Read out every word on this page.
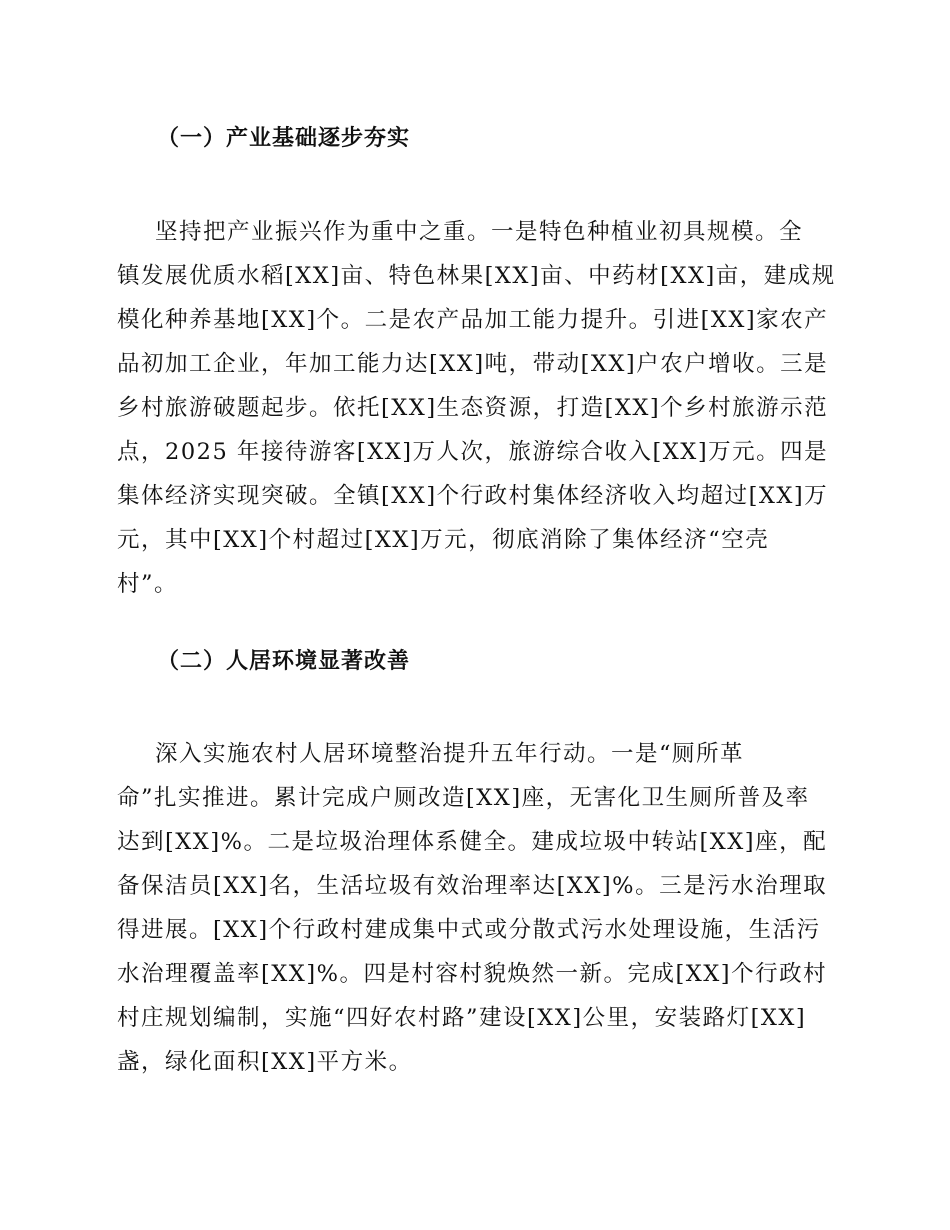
（一）产业基础逐步夯实
坚持把产业振兴作为重中之重。一是特色种植业初具规模。全
镇发展优质水稻[XX]亩、特色林果[XX]亩、中药材[XX]亩，建成规
模化种养基地[XX]个。二是农产品加工能力提升。引进[XX]家农产
品初加工企业，年加工能力达[XX]吨，带动[XX]户农户增收。三是
乡村旅游破题起步。依托[XX]生态资源，打造[XX]个乡村旅游示范
点，2025 年接待游客[XX]万人次，旅游综合收入[XX]万元。四是
集体经济实现突破。全镇[XX]个行政村集体经济收入均超过[XX]万
元，其中[XX]个村超过[XX]万元，彻底消除了集体经济“空壳
村”。
（二）人居环境显著改善
深入实施农村人居环境整治提升五年行动。一是“厕所革
命”扎实推进。累计完成户厕改造[XX]座，无害化卫生厕所普及率
达到[XX]%。二是垃圾治理体系健全。建成垃圾中转站[XX]座，配
备保洁员[XX]名，生活垃圾有效治理率达[XX]%。三是污水治理取
得进展。[XX]个行政村建成集中式或分散式污水处理设施，生活污
水治理覆盖率[XX]%。四是村容村貌焕然一新。完成[XX]个行政村
村庄规划编制，实施“四好农村路”建设[XX]公里，安装路灯[XX]
盏，绿化面积[XX]平方米。
